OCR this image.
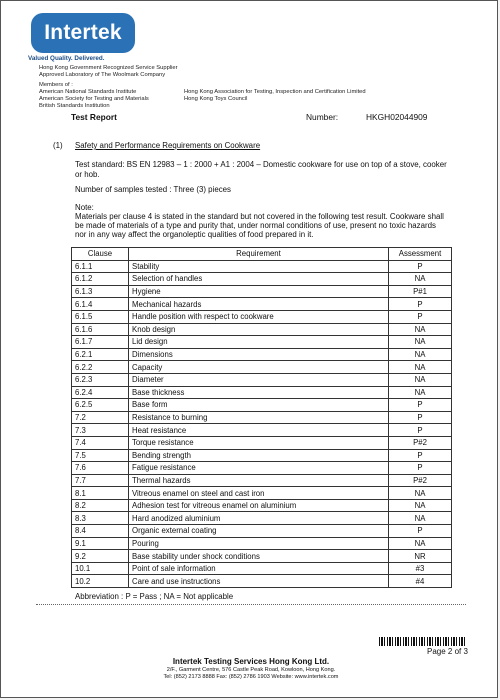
Intertek
Valued Quality. Delivered.
Hong Kong Government Recognized Service Supplier
Approved Laboratory of The Woolmark Company
Members of :
American National Standards Institute
American Society for Testing and Materials
British Standards Institution
Hong Kong Association for Testing, Inspection and Certification Limited
Hong Kong Toys Council
Test Report	Number:	HKGH02044909
(1) Safety and Performance Requirements on Cookware
Test standard: BS EN 12983 – 1 : 2000 + A1 : 2004 – Domestic cookware for use on top of a stove, cooker
or hob.
Number of samples tested : Three (3) pieces
Note:
Materials per clause 4 is stated in the standard but not covered in the following test result. Cookware shall
be made of materials of a type and purity that, under normal conditions of use, present no toxic hazards
nor in any way affect the organoleptic qualities of food prepared in it.
Clause	Requirement	Assessment
6.1.1	Stability	P
6.1.2	Selection of handles	NA
6.1.3	Hygiene	P#1
6.1.4	Mechanical hazards	P
6.1.5	Handle position with respect to cookware	P
6.1.6	Knob design	NA
6.1.7	Lid design	NA
6.2.1	Dimensions	NA
6.2.2	Capacity	NA
6.2.3	Diameter	NA
6.2.4	Base thickness	NA
6.2.5	Base form	P
7.2	Resistance to burning	P
7.3	Heat resistance	P
7.4	Torque resistance	P#2
7.5	Bending strength	P
7.6	Fatigue resistance	P
7.7	Thermal hazards	P#2
8.1	Vitreous enamel on steel and cast iron	NA
8.2	Adhesion test for vitreous enamel on aluminium	NA
8.3	Hard anodized aluminium	NA
8.4	Organic external coating	P
9.1	Pouring	NA
9.2	Base stability under shock conditions	NR
10.1	Point of sale information	#3
10.2	Care and use instructions	#4
Abbreviation : P = Pass ; NA = Not applicable
Page 2 of 3
Intertek Testing Services Hong Kong Ltd.
2/F., Garment Centre, 576 Castle Peak Road, Kowloon, Hong Kong.
Tel: (852) 2173 8888 Fax: (852) 2786 1903 Website: www.intertek.com
